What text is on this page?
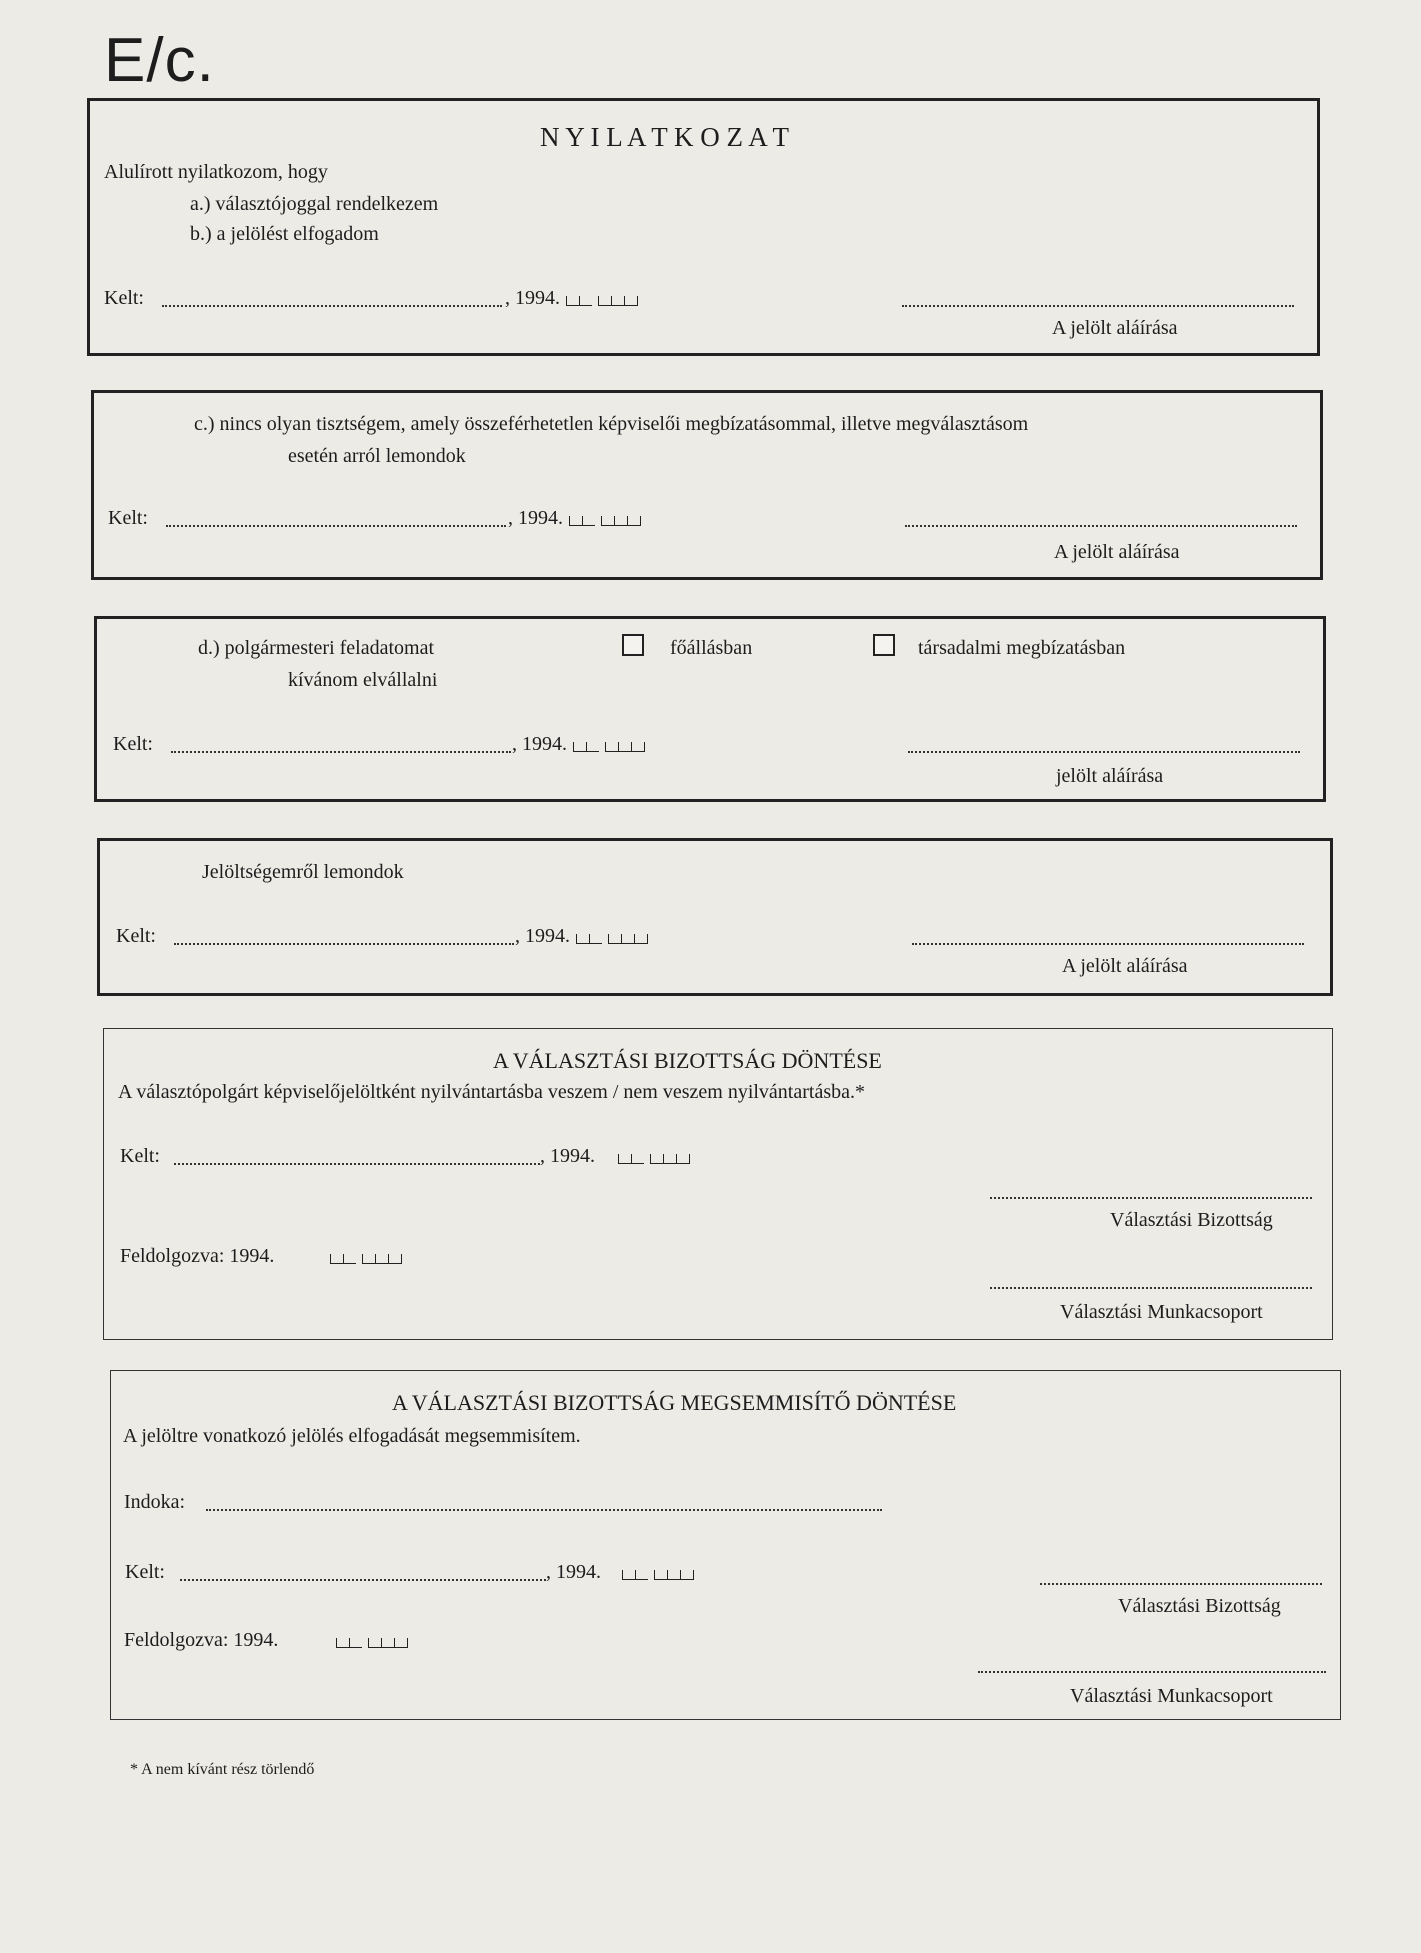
E/c.
N Y I L A T K O Z A T
Alulírott nyilatkozom, hogy
a.) választójoggal rendelkezem
b.) a jelölést elfogadom
Kelt:	, 1994.
A jelölt aláírása
c.) nincs olyan tisztségem, amely összeférhetetlen képviselői megbízatásommal, illetve megválasztásom
esetén arról lemondok
Kelt:	, 1994.
A jelölt aláírása
d.) polgármesteri feladatomat
kívánom elvállalni
főállásban	társadalmi megbízatásban
Kelt:	, 1994.
jelölt aláírása
Jelöltségemről lemondok
Kelt:	, 1994.
A jelölt aláírása
A VÁLASZTÁSI BIZOTTSÁG DÖNTÉSE
A választópolgárt képviselőjelöltként nyilvántartásba veszem / nem veszem nyilvántartásba.*
Kelt:	, 1994.
Választási Bizottság
Feldolgozva: 1994.
Választási Munkacsoport
A VÁLASZTÁSI BIZOTTSÁG MEGSEMMISÍTŐ DÖNTÉSE
A jelöltre vonatkozó jelölés elfogadását megsemmisítem.
Indoka:
Kelt:	, 1994.
Választási Bizottság
Feldolgozva: 1994.
Választási Munkacsoport
* A nem kívánt rész törlendő
